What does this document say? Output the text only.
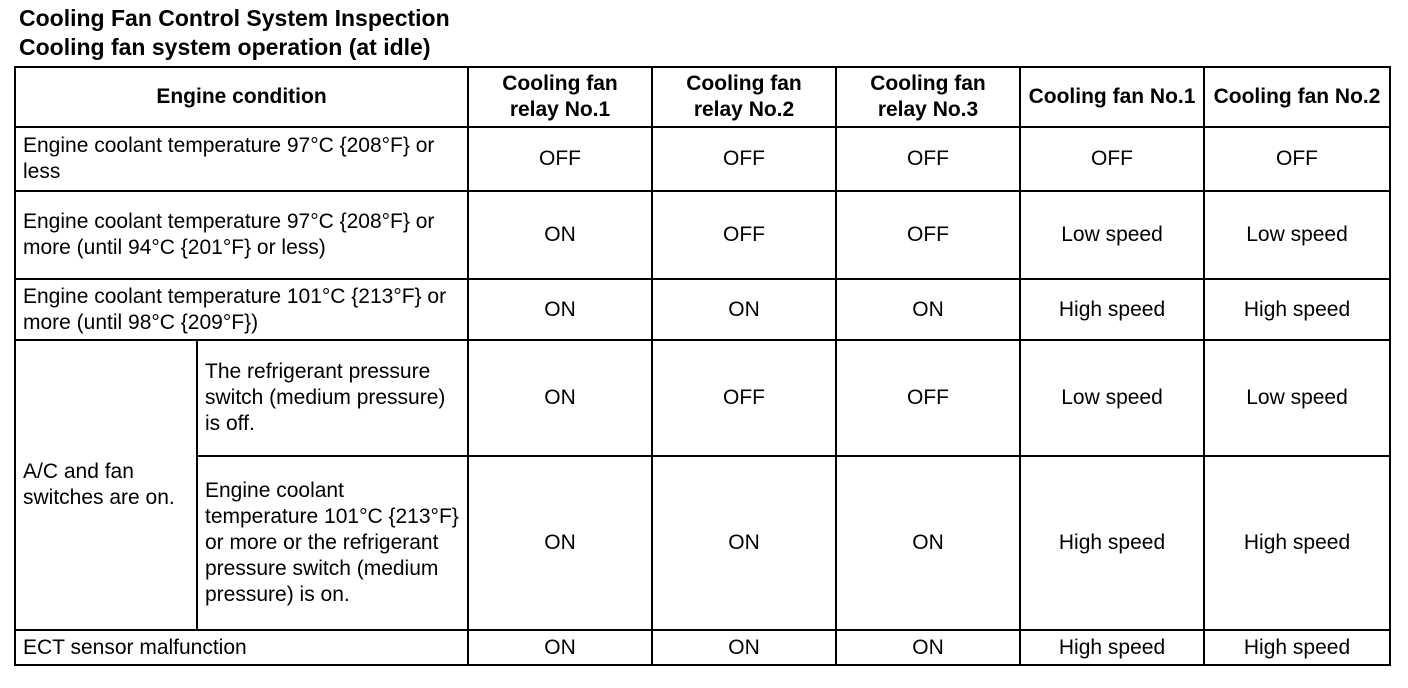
Cooling Fan Control System Inspection
Cooling fan system operation (at idle)
Engine condition		Cooling fan relay No.1	Cooling fan relay No.2	Cooling fan relay No.3	Cooling fan No.1	Cooling fan No.2
Engine coolant temperature 97°C {208°F} or less		OFF	OFF	OFF	OFF	OFF
Engine coolant temperature 97°C {208°F} or more (until 94°C {201°F} or less)		ON	OFF	OFF	Low speed	Low speed
Engine coolant temperature 101°C {213°F} or more (until 98°C {209°F})		ON	ON	ON	High speed	High speed
A/C and fan switches are on.	The refrigerant pressure switch (medium pressure) is off.	ON	OFF	OFF	Low speed	Low speed
	Engine coolant temperature 101°C {213°F} or more or the refrigerant pressure switch (medium pressure) is on.	ON	ON	ON	High speed	High speed
ECT sensor malfunction		ON	ON	ON	High speed	High speed
